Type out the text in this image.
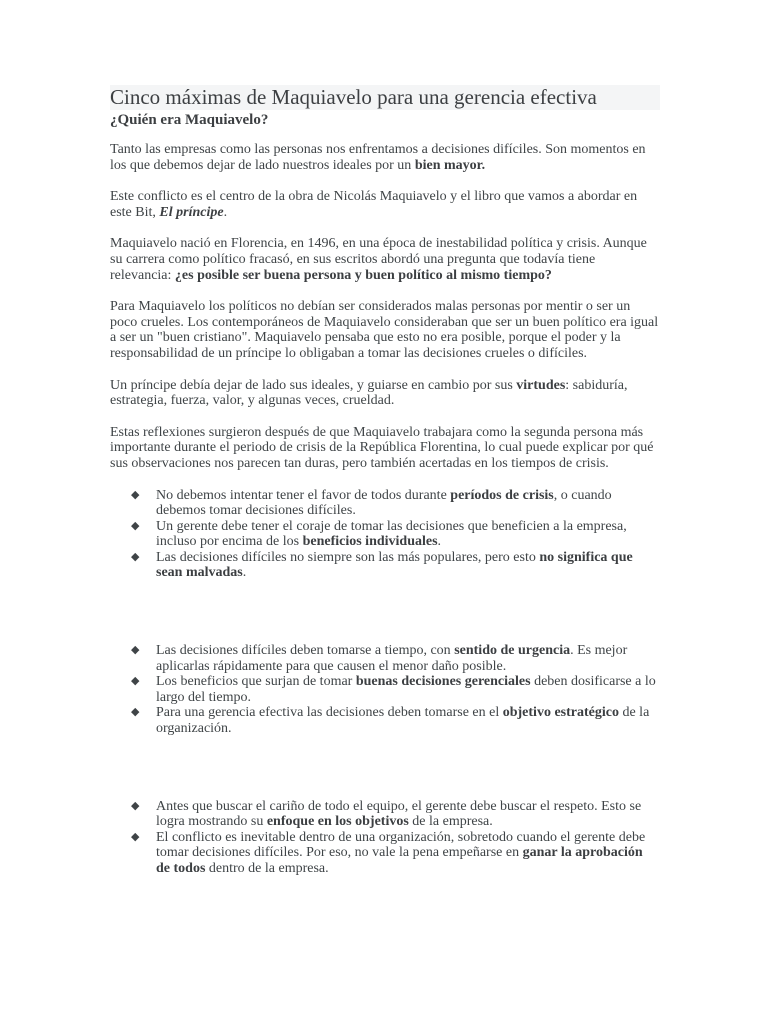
Cinco máximas de Maquiavelo para una gerencia efectiva
¿Quién era Maquiavelo?

Tanto las empresas como las personas nos enfrentamos a decisiones difíciles. Son momentos en los que debemos dejar de lado nuestros ideales por un bien mayor.

Este conflicto es el centro de la obra de Nicolás Maquiavelo y el libro que vamos a abordar en este Bit, El príncipe.

Maquiavelo nació en Florencia, en 1496, en una época de inestabilidad política y crisis. Aunque su carrera como político fracasó, en sus escritos abordó una pregunta que todavía tiene relevancia: ¿es posible ser buena persona y buen político al mismo tiempo?

Para Maquiavelo los políticos no debían ser considerados malas personas por mentir o ser un poco crueles. Los contemporáneos de Maquiavelo consideraban que ser un buen político era igual a ser un "buen cristiano". Maquiavelo pensaba que esto no era posible, porque el poder y la responsabilidad de un príncipe lo obligaban a tomar las decisiones crueles o difíciles.

Un príncipe debía dejar de lado sus ideales, y guiarse en cambio por sus virtudes: sabiduría, estrategia, fuerza, valor, y algunas veces, crueldad.

Estas reflexiones surgieron después de que Maquiavelo trabajara como la segunda persona más importante durante el periodo de crisis de la República Florentina, lo cual puede explicar por qué sus observaciones nos parecen tan duras, pero también acertadas en los tiempos de crisis.

◆ No debemos intentar tener el favor de todos durante períodos de crisis, o cuando debemos tomar decisiones difíciles.
◆ Un gerente debe tener el coraje de tomar las decisiones que beneficien a la empresa, incluso por encima de los beneficios individuales.
◆ Las decisiones difíciles no siempre son las más populares, pero esto no significa que sean malvadas.
◆ Las decisiones difíciles deben tomarse a tiempo, con sentido de urgencia. Es mejor aplicarlas rápidamente para que causen el menor daño posible.
◆ Los beneficios que surjan de tomar buenas decisiones gerenciales deben dosificarse a lo largo del tiempo.
◆ Para una gerencia efectiva las decisiones deben tomarse en el objetivo estratégico de la organización.
◆ Antes que buscar el cariño de todo el equipo, el gerente debe buscar el respeto. Esto se logra mostrando su enfoque en los objetivos de la empresa.
◆ El conflicto es inevitable dentro de una organización, sobretodo cuando el gerente debe tomar decisiones difíciles. Por eso, no vale la pena empeñarse en ganar la aprobación de todos dentro de la empresa.
